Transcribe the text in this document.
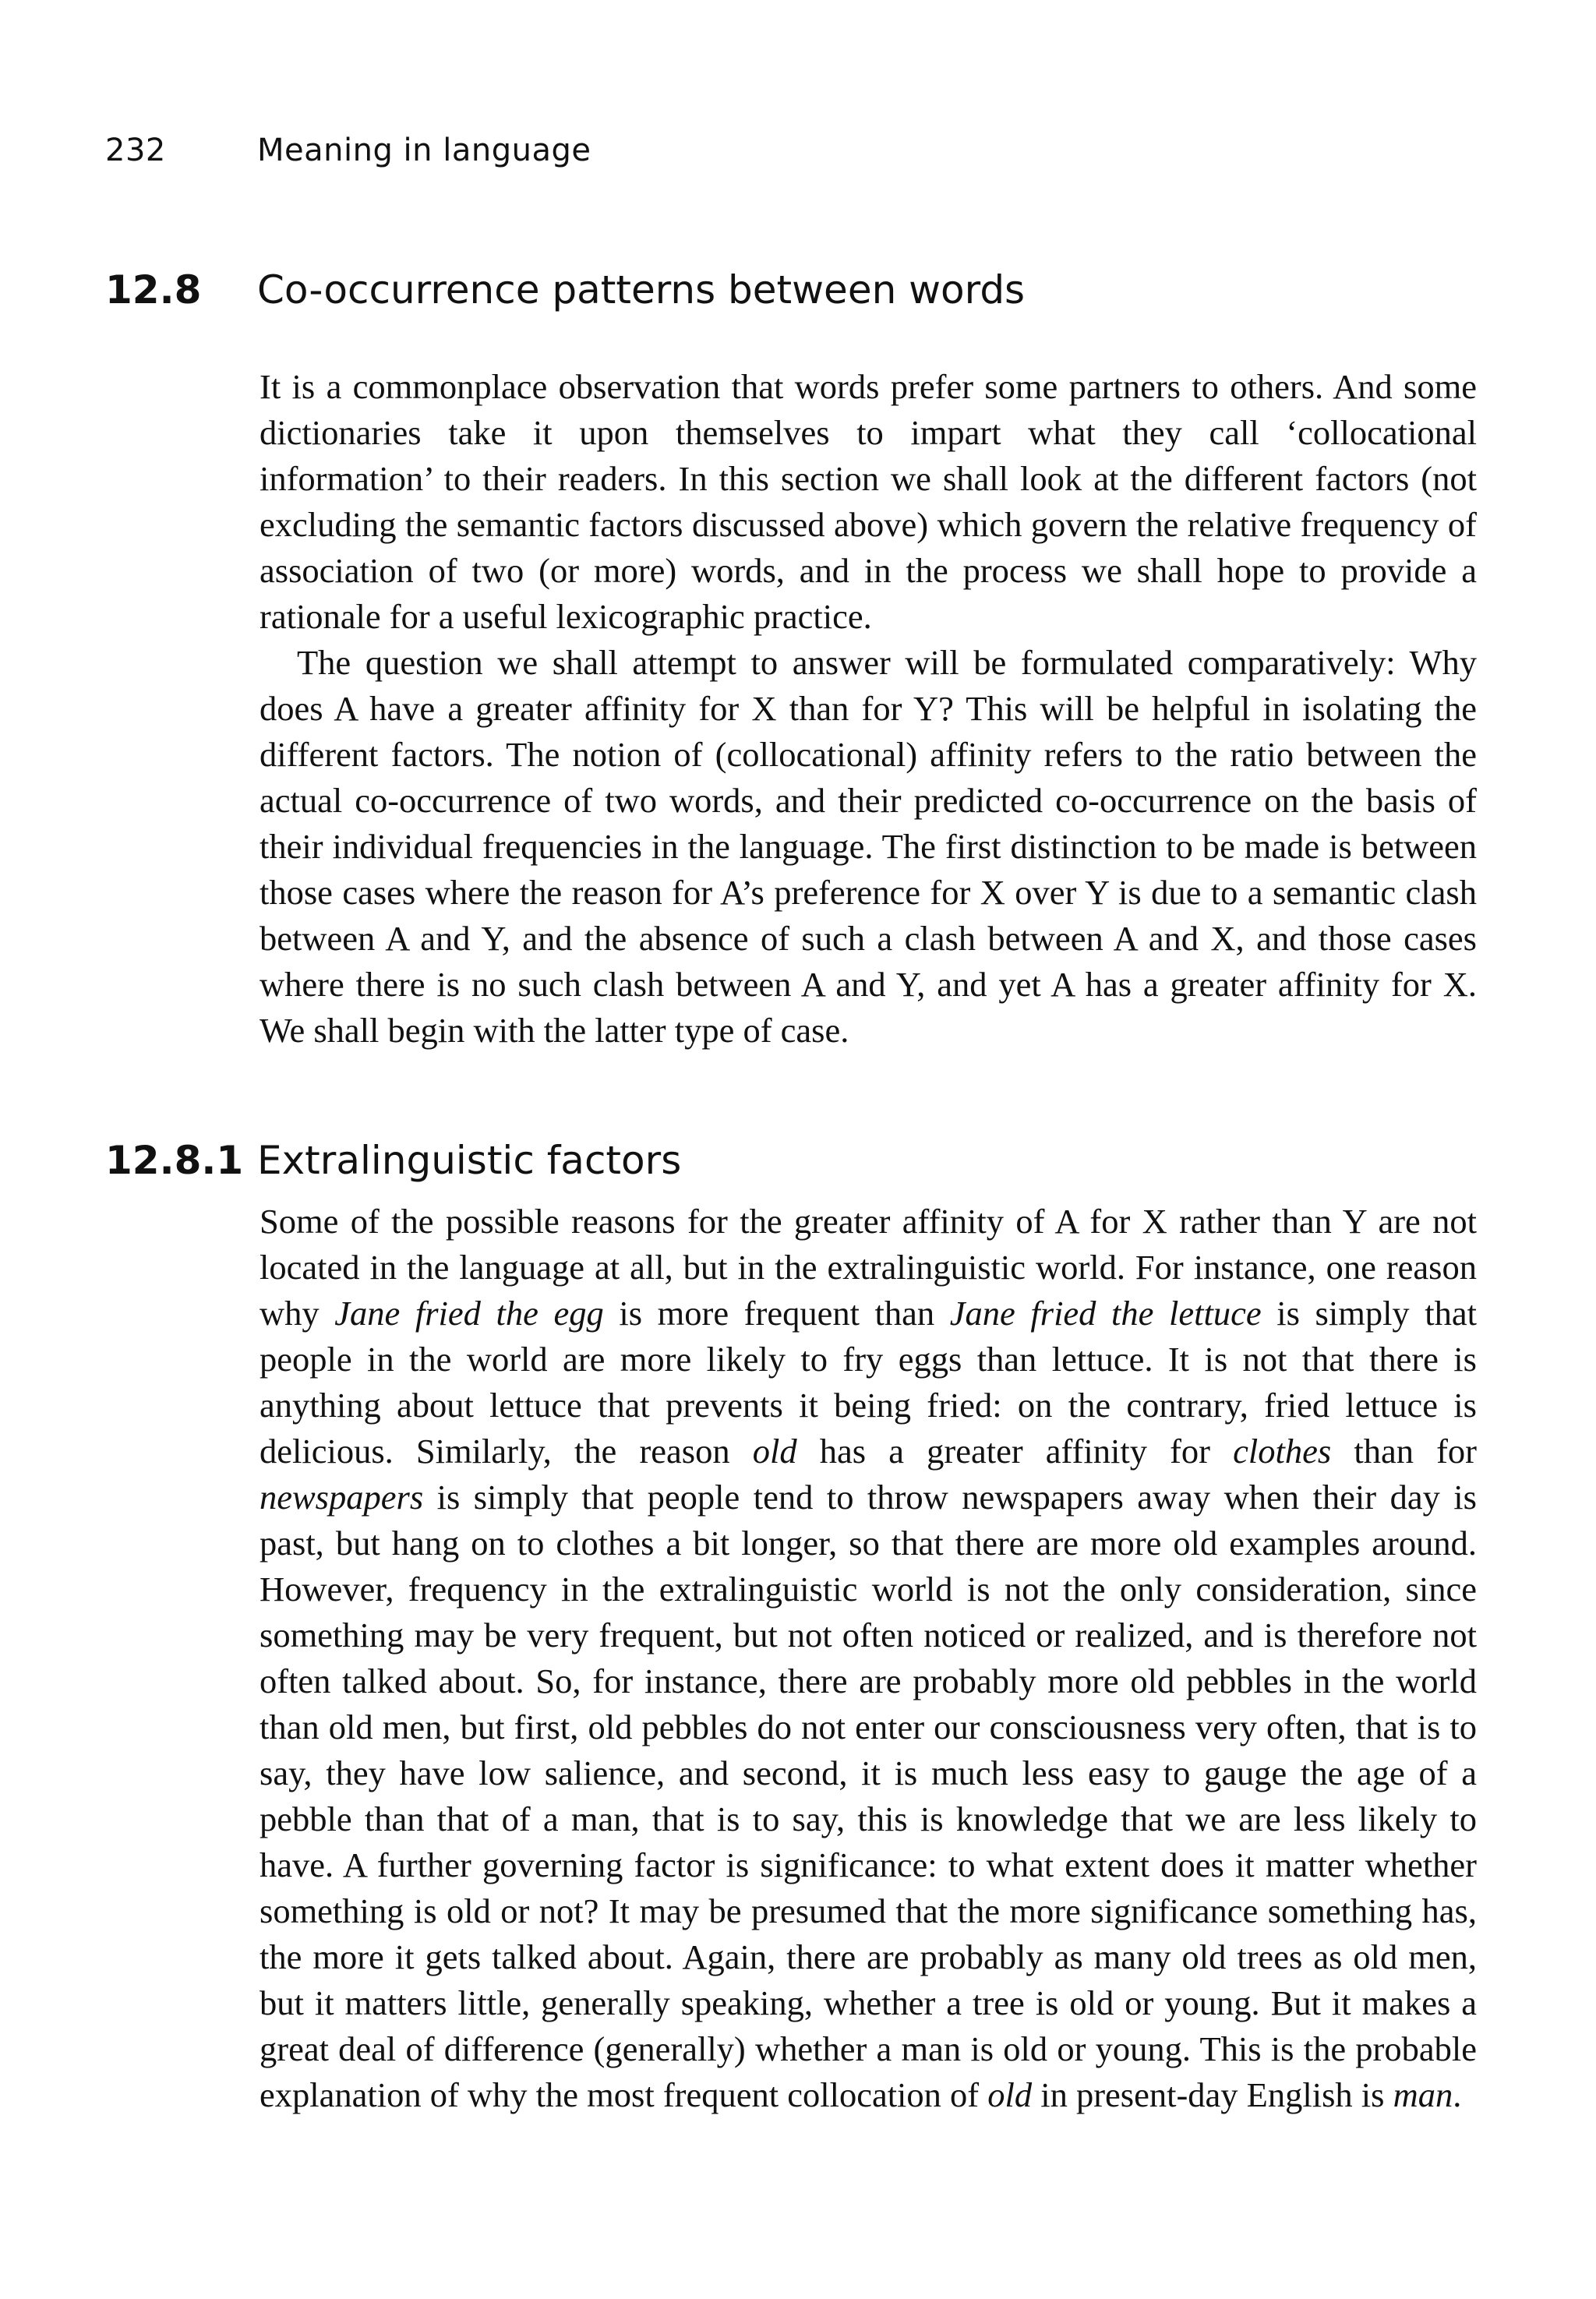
232	Meaning in language
12.8 Co-occurrence patterns between words

It is a commonplace observation that words prefer some partners to others. And some dictionaries take it upon themselves to impart what they call ‘collocational information’ to their readers. In this section we shall look at the different factors (not excluding the semantic factors discussed above) which govern the relative frequency of association of two (or more) words, and in the process we shall hope to provide a rationale for a useful lexicographic practice.

The question we shall attempt to answer will be formulated comparatively: Why does A have a greater affinity for X than for Y? This will be helpful in isolating the different factors. The notion of (collocational) affinity refers to the ratio between the actual co-occurrence of two words, and their predicted co-occurrence on the basis of their individual frequencies in the language. The first distinction to be made is between those cases where the reason for A’s preference for X over Y is due to a semantic clash between A and Y, and the absence of such a clash between A and X, and those cases where there is no such clash between A and Y, and yet A has a greater affinity for X. We shall begin with the latter type of case.

12.8.1 Extralinguistic factors

Some of the possible reasons for the greater affinity of A for X rather than Y are not located in the language at all, but in the extralinguistic world. For instance, one reason why Jane fried the egg is more frequent than Jane fried the lettuce is simply that people in the world are more likely to fry eggs than lettuce. It is not that there is anything about lettuce that prevents it being fried: on the contrary, fried lettuce is delicious. Similarly, the reason old has a greater affinity for clothes than for newspapers is simply that people tend to throw newspapers away when their day is past, but hang on to clothes a bit longer, so that there are more old examples around. However, frequency in the extralinguistic world is not the only consideration, since something may be very frequent, but not often noticed or realized, and is therefore not often talked about. So, for instance, there are probably more old pebbles in the world than old men, but first, old pebbles do not enter our consciousness very often, that is to say, they have low salience, and second, it is much less easy to gauge the age of a pebble than that of a man, that is to say, this is knowledge that we are less likely to have. A further governing factor is significance: to what extent does it matter whether something is old or not? It may be presumed that the more significance something has, the more it gets talked about. Again, there are probably as many old trees as old men, but it matters little, generally speaking, whether a tree is old or young. But it makes a great deal of difference (generally) whether a man is old or young. This is the probable explanation of why the most frequent collocation of old in present-day English is man.
